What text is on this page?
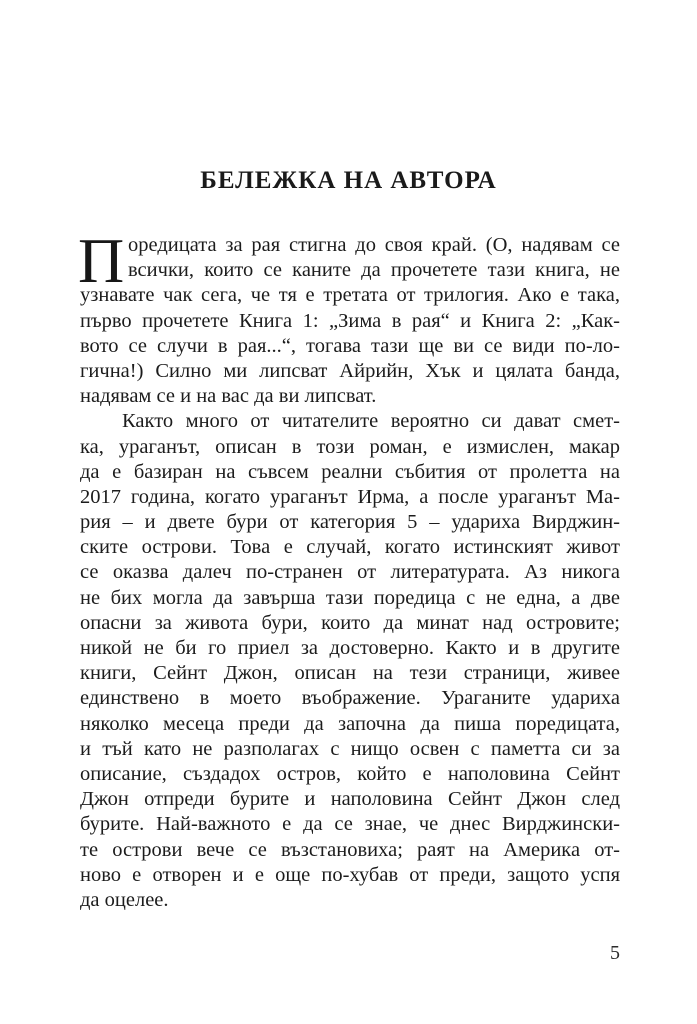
БЕЛЕЖКА НА АВТОРА
П оредицата за рая стигна до своя край. (О, надявам се
всички, които се каните да прочетете тази книга, не
узнавате чак сега, че тя е третата от трилогия. Ако е така,
първо прочетете Книга 1: „Зима в рая“ и Книга 2: „Как-
вото се случи в рая...“, тогава тази ще ви се види по-ло-
гична!) Силно ми липсват Айрийн, Хък и цялата банда,
надявам се и на вас да ви липсват.
Както много от читателите вероятно си дават смет-
ка, ураганът, описан в този роман, е измислен, макар
да е базиран на съвсем реални събития от пролетта на
2017 година, когато ураганът Ирма, а после ураганът Ма-
рия – и двете бури от категория 5 – удариха Вирджин-
ските острови. Това е случай, когато истинският живот
се оказва далеч по-странен от литературата. Аз никога
не бих могла да завърша тази поредица с не една, а две
опасни за живота бури, които да минат над островите;
никой не би го приел за достоверно. Както и в другите
книги, Сейнт Джон, описан на тези страници, живее
единствено в моето въображение. Ураганите удариха
няколко месеца преди да започна да пиша поредицата,
и тъй като не разполагах с нищо освен с паметта си за
описание, създадох остров, който е наполовина Сейнт
Джон отпреди бурите и наполовина Сейнт Джон след
бурите. Най-важното е да се знае, че днес Вирджински-
те острови вече се възстановиха; раят на Америка от-
ново е отворен и е още по-хубав от преди, защото успя
да оцелее.
5
